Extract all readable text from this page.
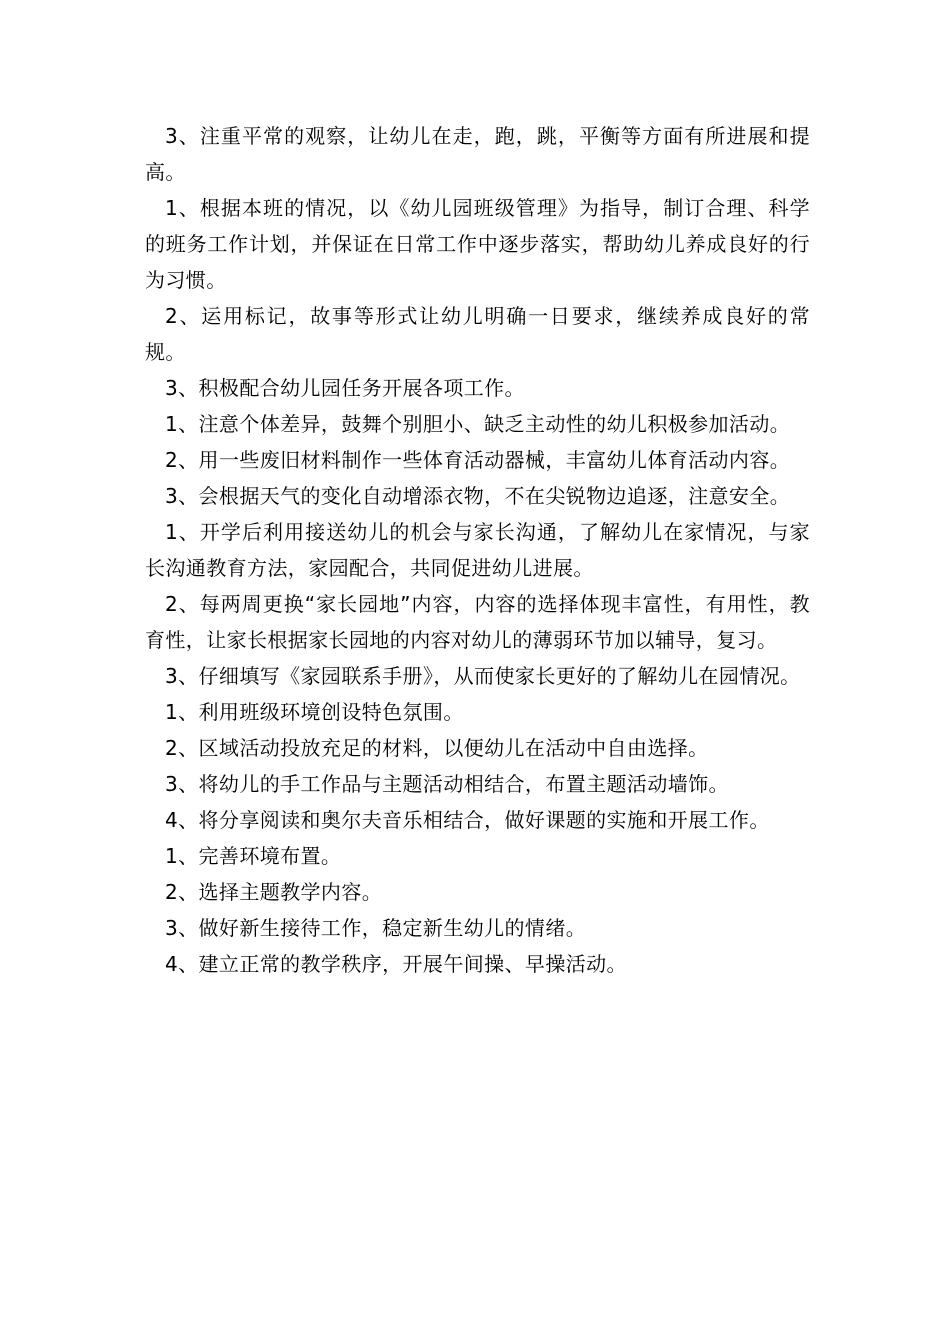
3、注重平常的观察，让幼儿在走，跑，跳，平衡等方面有所进展和提高。

1、根据本班的情况，以《幼儿园班级管理》为指导，制订合理、科学的班务工作计划，并保证在日常工作中逐步落实，帮助幼儿养成良好的行为习惯。

2、运用标记，故事等形式让幼儿明确一日要求，继续养成良好的常规。

3、积极配合幼儿园任务开展各项工作。

1、注意个体差异，鼓舞个别胆小、缺乏主动性的幼儿积极参加活动。

2、用一些废旧材料制作一些体育活动器械，丰富幼儿体育活动内容。

3、会根据天气的变化自动增添衣物，不在尖锐物边追逐，注意安全。

1、开学后利用接送幼儿的机会与家长沟通，了解幼儿在家情况，与家长沟通教育方法，家园配合，共同促进幼儿进展。

2、每两周更换“家长园地”内容，内容的选择体现丰富性，有用性，教育性，让家长根据家长园地的内容对幼儿的薄弱环节加以辅导，复习。

3、仔细填写《家园联系手册》，从而使家长更好的了解幼儿在园情况。

1、利用班级环境创设特色氛围。

2、区域活动投放充足的材料，以便幼儿在活动中自由选择。

3、将幼儿的手工作品与主题活动相结合，布置主题活动墙饰。

4、将分享阅读和奥尔夫音乐相结合，做好课题的实施和开展工作。

1、完善环境布置。

2、选择主题教学内容。

3、做好新生接待工作，稳定新生幼儿的情绪。

4、建立正常的教学秩序，开展午间操、早操活动。
